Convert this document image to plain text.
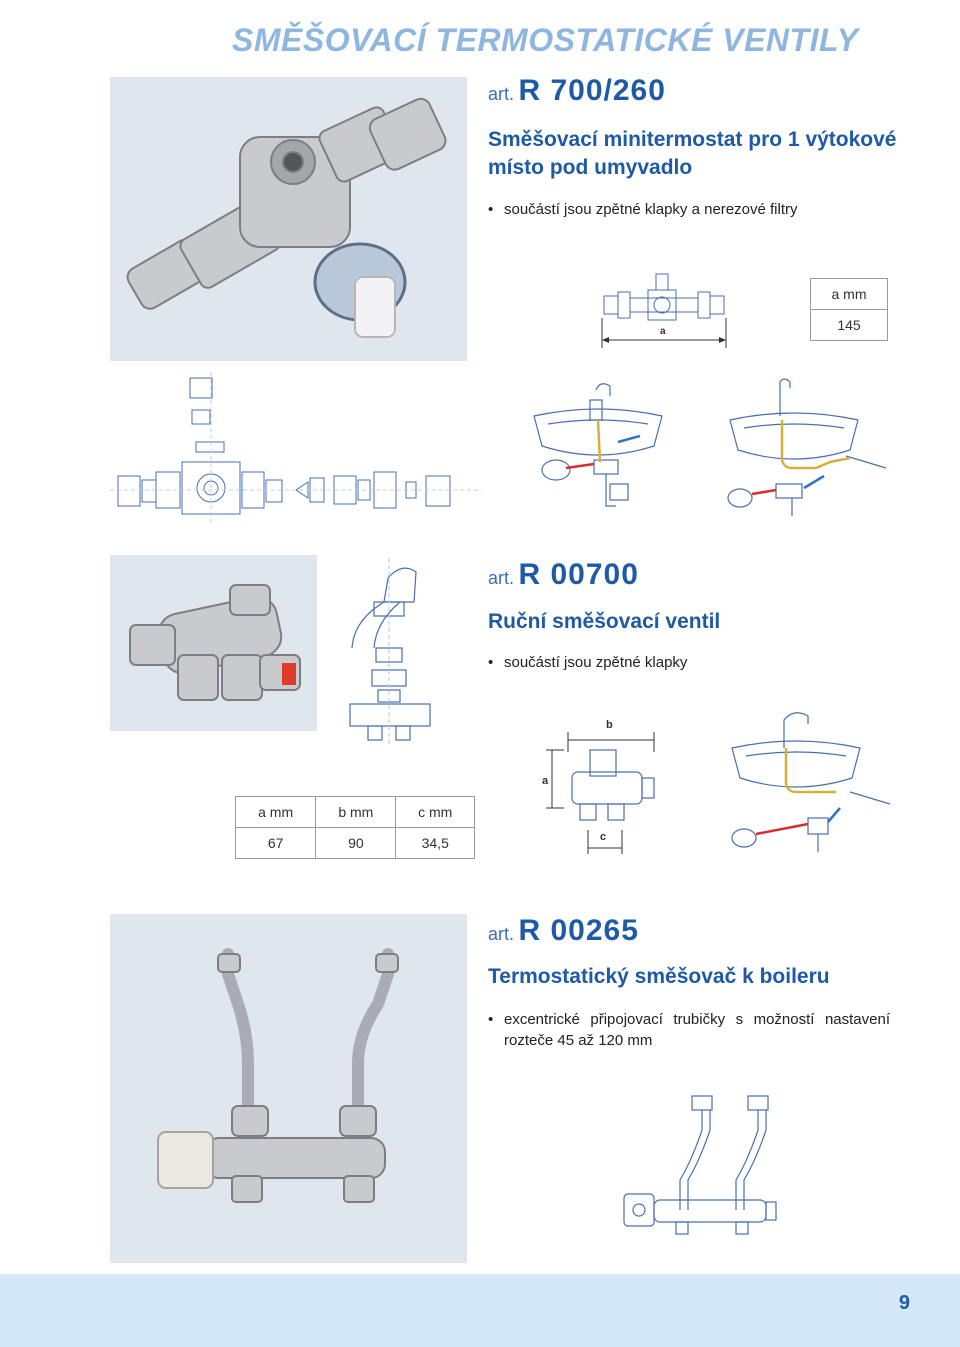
SMĚŠOVACÍ TERMOSTATICKÉ VENTILY
art. R 700/260
Směšovací minitermostat pro 1 výtokové
místo pod umyvadlo
• součástí jsou zpětné klapky a nerezové filtry
a
a mm
145
art. R 00700
Ruční směšovací ventil
• součástí jsou zpětné klapky
b
a
c
a mm	b mm	c mm
67	90	34,5
art. R 00265
Termostatický směšovač k boileru
• excentrické připojovací trubičky s možností nastavení
rozteče 45 až 120 mm
9
